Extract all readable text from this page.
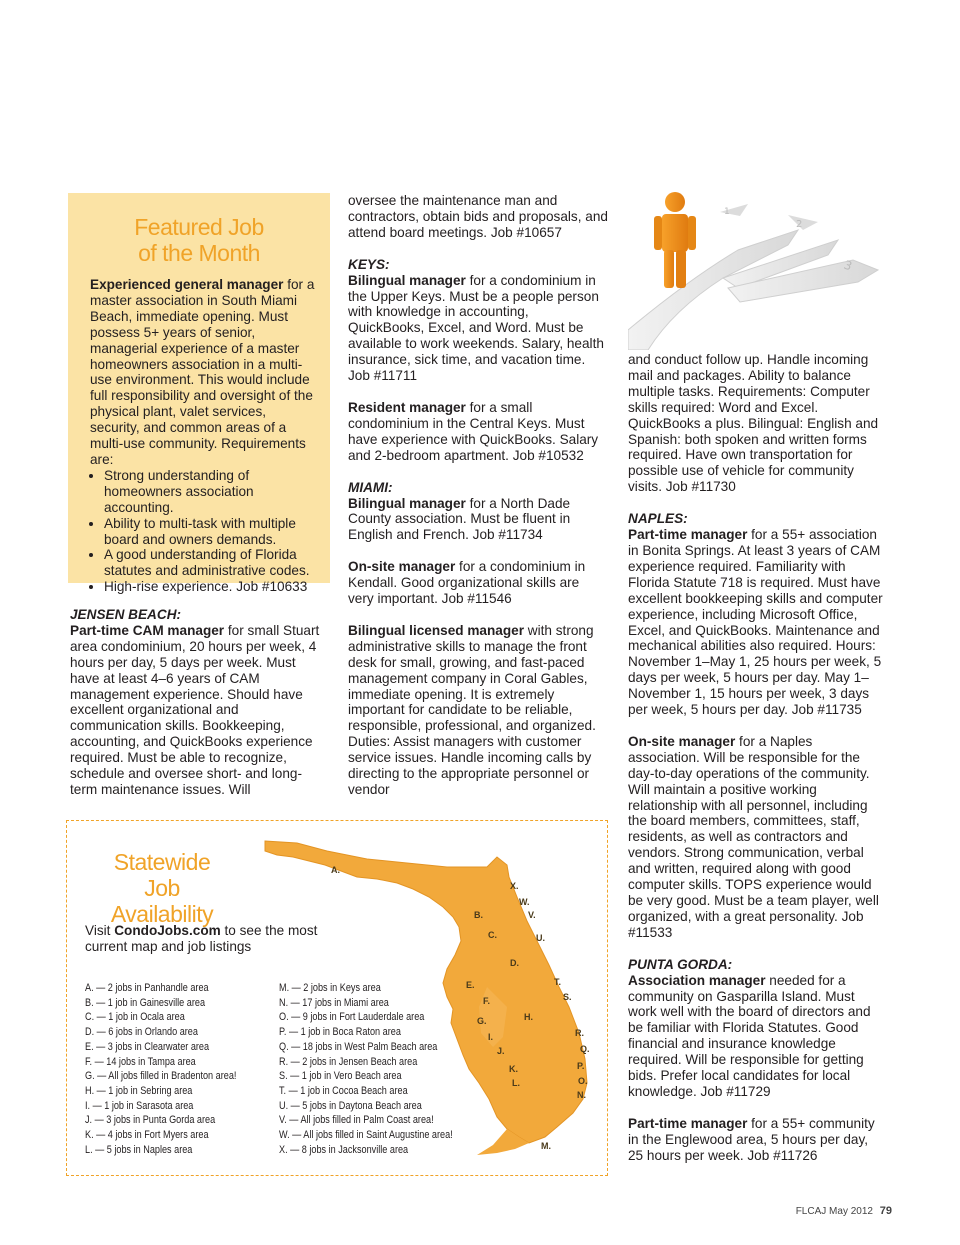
Featured Job
of the Month

Experienced general manager for a master association in South Miami Beach, immediate opening. Must possess 5+ years of senior, managerial experience of a master homeowners association in a multi-use environment. This would include full responsibility and oversight of the physical plant, valet services, security, and common areas of a multi-use community. Requirements are:

• Strong understanding of homeowners association accounting.
• Ability to multi-task with multiple board and owners demands.
• A good understanding of Florida statutes and administrative codes.
• High-rise experience. Job #10633

JENSEN BEACH:

Part-time CAM manager for small Stuart area condominium, 20 hours per week, 4 hours per day, 5 days per week. Must have at least 4–6 years of CAM management experience. Should have excellent organizational and communication skills. Bookkeeping, accounting, and QuickBooks experience required. Must be able to recognize, schedule and oversee short- and long-term maintenance issues. Will

oversee the maintenance man and contractors, obtain bids and proposals, and attend board meetings. Job #10657

KEYS:

Bilingual manager for a condominium in the Upper Keys. Must be a people person with knowledge in accounting, QuickBooks, Excel, and Word. Must be available to work weekends. Salary, health insurance, sick time, and vacation time. Job #11711

Resident manager for a small condominium in the Central Keys. Must have experience with QuickBooks. Salary and 2-bedroom apartment. Job #10532

MIAMI:

Bilingual manager for a North Dade County association. Must be fluent in English and French. Job #11734

On-site manager for a condominium in Kendall. Good organizational skills are very important. Job #11546

Bilingual licensed manager with strong administrative skills to manage the front desk for small, growing, and fast-paced management company in Coral Gables, immediate opening. It is extremely important for candidate to be reliable, responsible, professional, and organized. Duties: Assist managers with customer service issues. Handle incoming calls by directing to the appropriate personnel or vendor

3
2
1

and conduct follow up. Handle incoming mail and packages. Ability to balance multiple tasks. Requirements: Computer skills required: Word and Excel. QuickBooks a plus. Bilingual: English and Spanish: both spoken and written forms required. Have own transportation for possible use of vehicle for community visits. Job #11730

NAPLES:

Part-time manager for a 55+ association in Bonita Springs. At least 3 years of CAM experience required. Familiarity with Florida Statute 718 is required. Must have excellent bookkeeping skills and computer experience, including Microsoft Office, Excel, and QuickBooks. Maintenance and mechanical abilities also required. Hours: November 1–May 1, 25 hours per week, 5 days per week, 5 hours per day. May 1–November 1, 15 hours per week, 3 days per week, 5 hours per day. Job #11735

On-site manager for a Naples association. Will be responsible for the day-to-day operations of the community. Will maintain a positive working relationship with all personnel, including the board members, committees, staff, residents, as well as contractors and vendors. Strong communication, verbal and written, required along with good computer skills. TOPS experience would be very good. Must be a team player, well organized, with a great personality. Job #11533

PUNTA GORDA:

Association manager needed for a community on Gasparilla Island. Must work well with the board of directors and be familiar with Florida Statutes. Good financial and insurance knowledge required. Will be responsible for getting bids. Prefer local candidates for local knowledge. Job #11729

Part-time manager for a 55+ community in the Englewood area, 5 hours per day, 25 hours per week. Job #11726

Statewide Job
Availability
Visit CondoJobs.com to see the most current map and job listings
A.
X.
W.
V.
B.
C.	U.
D.
T.
S.
E.
F.
G.	H.
I.	R.
Q.
J.
K.	P.
L.	O.
N.
M.
A. — 2 jobs in Panhandle area
B. — 1 job in Gainesville area
C. — 1 job in Ocala area
D. — 6 jobs in Orlando area
E. — 3 jobs in Clearwater area
F. — 14 jobs in Tampa area
G. — All jobs filled in Bradenton area!
H. — 1 job in Sebring area
I. — 1 job in Sarasota area
J. — 3 jobs in Punta Gorda area
K. — 4 jobs in Fort Myers area
L. — 5 jobs in Naples area
M. — 2 jobs in Keys area
N. — 17 jobs in Miami area
O. — 9 jobs in Fort Lauderdale area
P. — 1 job in Boca Raton area
Q. — 18 jobs in West Palm Beach area
R. — 2 jobs in Jensen Beach area
S. — 1 job in Vero Beach area
T. — 1 job in Cocoa Beach area
U. — 5 jobs in Daytona Beach area
V. — All jobs filled in Palm Coast area!
W. — All jobs filled in Saint Augustine area!
X. — 8 jobs in Jacksonville area
FLCAJ May 2012 79
